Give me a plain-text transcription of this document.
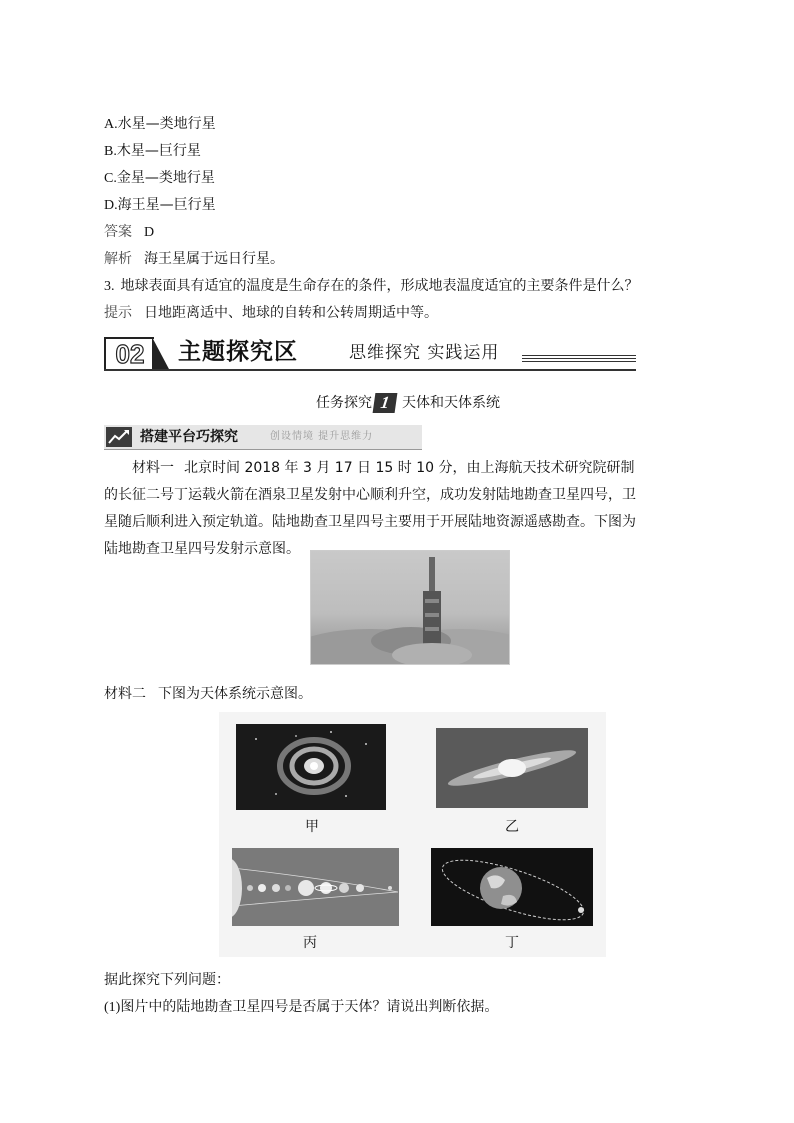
A.水星—类地行星
B.木星—巨行星
C.金星—类地行星
D.海王星—巨行星
答案 D
解析 海王星属于远日行星。
3. 地球表面具有适宜的温度是生命存在的条件，形成地表温度适宜的主要条件是什么？
提示 日地距离适中、地球的自转和公转周期适中等。
02	主题探究区	思维探究 实践运用
任务探究 1 天体和天体系统
搭建平台巧探究	创设情境 提升思维力
材料一 北京时间 2018 年 3 月 17 日 15 时 10 分，由上海航天技术研究院研制的长征二号丁运载火箭在酒泉卫星发射中心顺利升空，成功发射陆地勘查卫星四号，卫星随后顺利进入预定轨道。陆地勘查卫星四号主要用于开展陆地资源遥感勘查。下图为陆地勘查卫星四号发射示意图。
材料二 下图为天体系统示意图。
甲	乙
丙	丁
据此探究下列问题：
(1)图片中的陆地勘查卫星四号是否属于天体？请说出判断依据。
